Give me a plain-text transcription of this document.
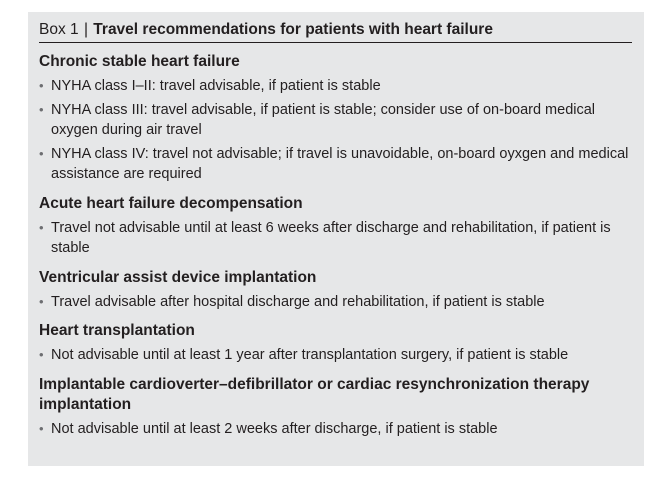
Box 1 | Travel recommendations for patients with heart failure
Chronic stable heart failure
• NYHA class I–II: travel advisable, if patient is stable
• NYHA class III: travel advisable, if patient is stable; consider use of on-board medical oxygen during air travel
• NYHA class IV: travel not advisable; if travel is unavoidable, on-board oyxgen and medical assistance are required
Acute heart failure decompensation
• Travel not advisable until at least 6 weeks after discharge and rehabilitation, if patient is stable
Ventricular assist device implantation
• Travel advisable after hospital discharge and rehabilitation, if patient is stable
Heart transplantation
• Not advisable until at least 1 year after transplantation surgery, if patient is stable
Implantable cardioverter–defibrillator or cardiac resynchronization therapy implantation
• Not advisable until at least 2 weeks after discharge, if patient is stable
